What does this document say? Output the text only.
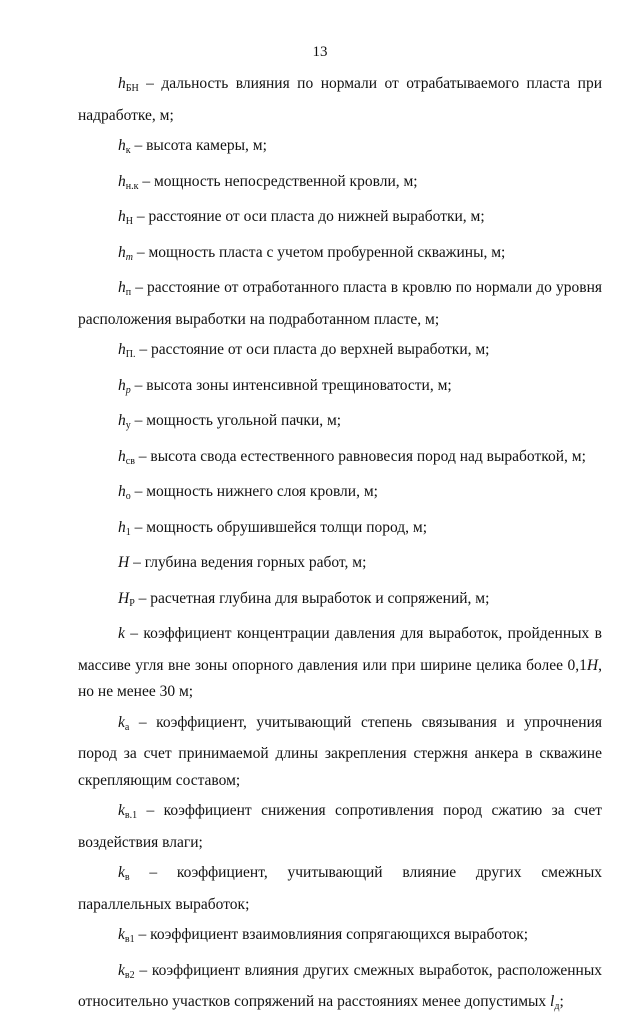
13

$h_{БН}$ – дальность влияния по нормали от отрабатываемого пласта при надработке, м;

$h_к$ – высота камеры, м;

$h_{н.к}$ – мощность непосредственной кровли, м;

$h_Н$ – расстояние от оси пласта до нижней выработки, м;

$h_m$ – мощность пласта с учетом пробуренной скважины, м;

$h_п$ – расстояние от отработанного пласта в кровлю по нормали до уровня расположения выработки на подработанном пласте, м;

$h_{П.}$ – расстояние от оси пласта до верхней выработки, м;

$h_p$ – высота зоны интенсивной трещиноватости, м;

$h_у$ – мощность угольной пачки, м;

$h_{св}$ – высота свода естественного равновесия пород над выработкой, м;

$h_о$ – мощность нижнего слоя кровли, м;

$h_1$ – мощность обрушившейся толщи пород, м;

H – глубина ведения горных работ, м;

$H_Р$ – расчетная глубина для выработок и сопряжений, м;

k – коэффициент концентрации давления для выработок, пройденных в массиве угля вне зоны опорного давления или при ширине целика более 0,1H, но не менее 30 м;

$k_а$ – коэффициент, учитывающий степень связывания и упрочнения пород за счет принимаемой длины закрепления стержня анкера в скважине скрепляющим составом;

$k_{в.1}$ – коэффициент снижения сопротивления пород сжатию за счет воздействия влаги;

$k_в$ – коэффициент, учитывающий влияние других смежных параллельных выработок;

$k_{в1}$ – коэффициент взаимовлияния сопрягающихся выработок;

$k_{в2}$ – коэффициент влияния других смежных выработок, расположенных относительно участков сопряжений на расстояниях менее допустимых $l_д$;
